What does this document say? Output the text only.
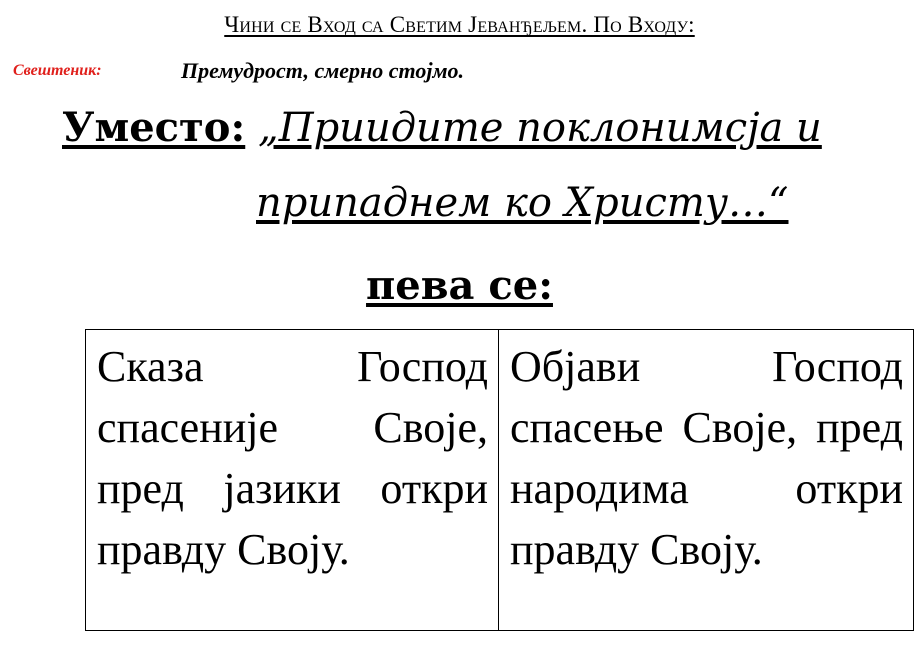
Чини се Вход са Светим Јеванђељем. По Входу:
Свештеник:	Премудрост, смерно стојмо.
Уместо: „Приидите поклонимсја и
припаднем ко Христу…“
пева се:
Сказа Господ спасеније Своје, пред јазики откри правду Своју.	Објави Господ спасење Своје, пред народима откри правду Своју.
